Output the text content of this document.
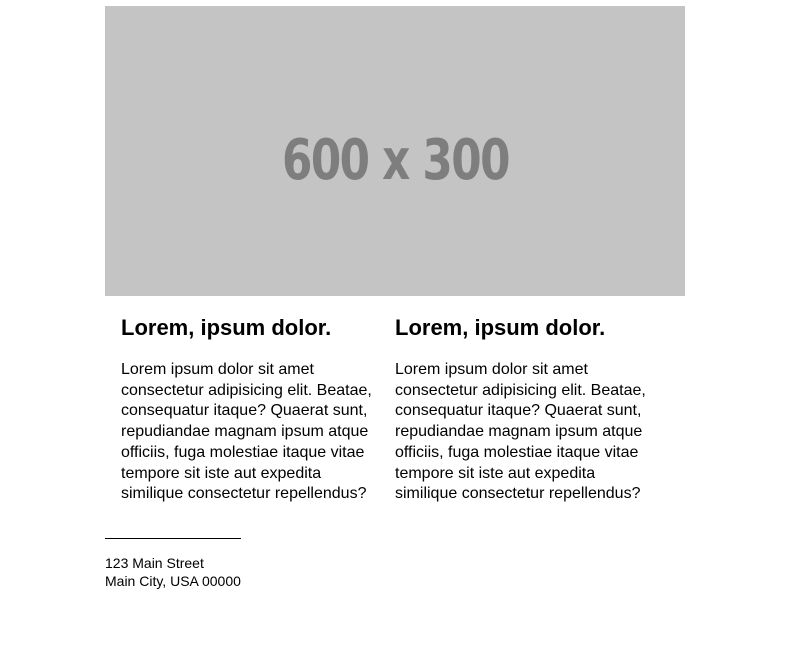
600 x 300
Lorem, ipsum dolor.

Lorem ipsum dolor sit amet consectetur adipisicing elit. Beatae, consequatur itaque? Quaerat sunt, repudiandae magnam ipsum atque officiis, fuga molestiae itaque vitae tempore sit iste aut expedita similique consectetur repellendus?

Lorem, ipsum dolor.

Lorem ipsum dolor sit amet consectetur adipisicing elit. Beatae, consequatur itaque? Quaerat sunt, repudiandae magnam ipsum atque officiis, fuga molestiae itaque vitae tempore sit iste aut expedita similique consectetur repellendus?

123 Main Street
Main City, USA 00000
